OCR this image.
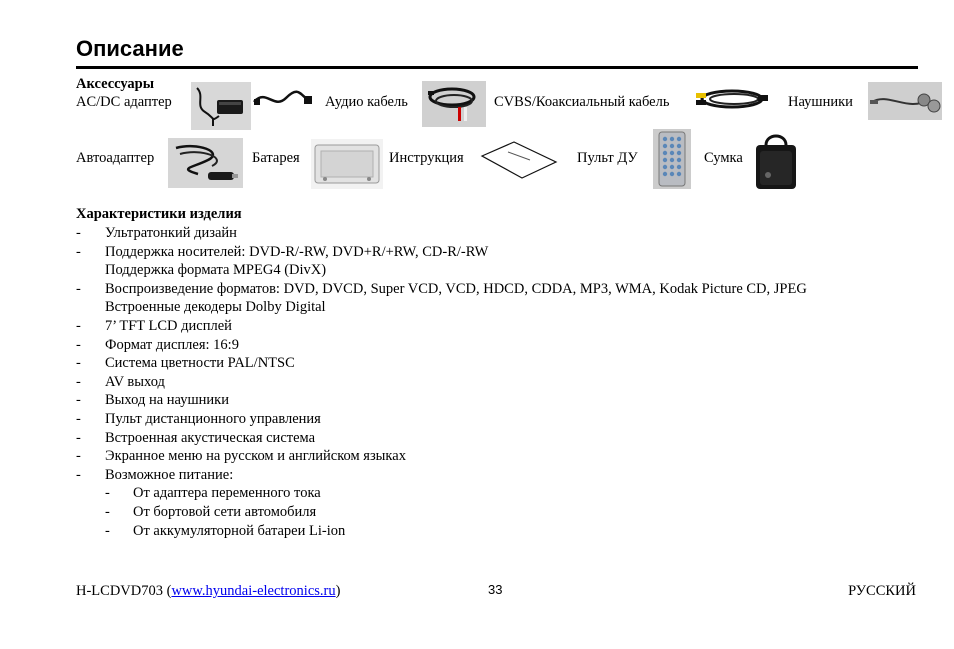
Описание
Аксессуары
AC/DC адаптер	Аудио кабель	CVBS/Коаксиальный кабель	Наушники
Автоадаптер	Батарея	Инструкция	Пульт ДУ	Сумка
Характеристики изделия
- Ультратонкий дизайн
- Поддержка носителей: DVD-R/-RW, DVD+R/+RW, CD-R/-RW
Поддержка формата MPEG4 (DivX)
- Воспроизведение форматов: DVD, DVCD, Super VCD, VCD, HDCD, CDDA, MP3, WMA, Kodak Picture CD, JPEG
Встроенные декодеры Dolby Digital
- 7’ TFT LCD дисплей
- Формат дисплея: 16:9
- Система цветности PAL/NTSC
- AV выход
- Выход на наушники
- Пульт дистанционного управления
- Встроенная акустическая система
- Экранное меню на русском и английском языках
- Возможное питание:
- От адаптера переменного тока
- От бортовой сети автомобиля
- От аккумуляторной батареи Li-ion
H-LCDVD703 (www.hyundai-electronics.ru)	33	РУССКИЙ
